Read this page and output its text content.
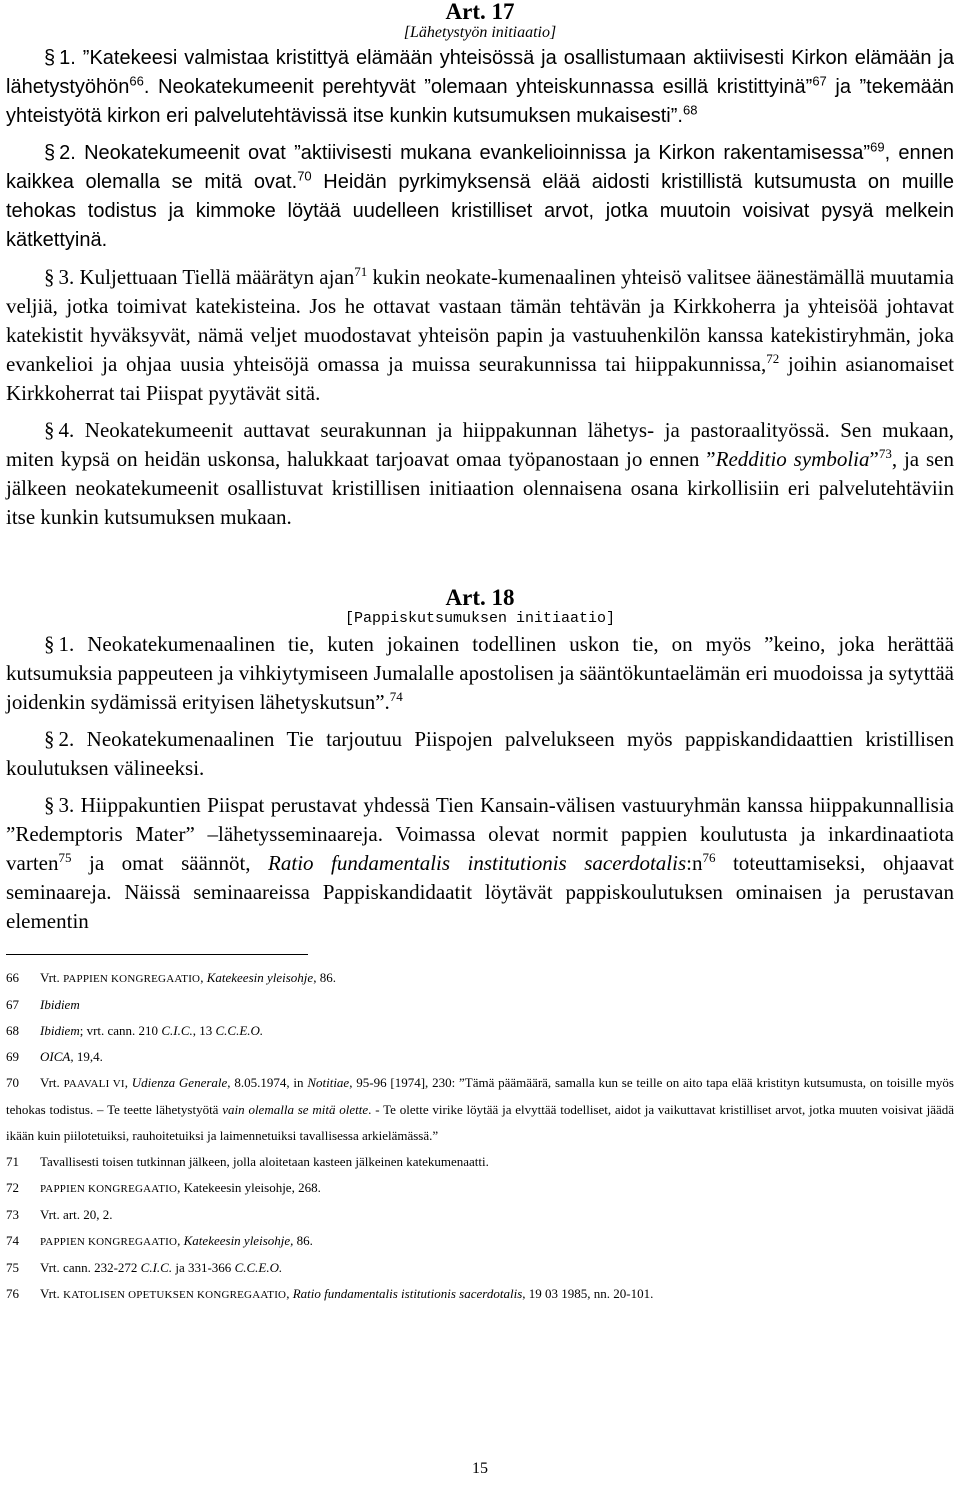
Art. 17
[Lähetystyön initiaatio]

§ 1. ”Katekeesi valmistaa kristittyä elämään yhteisössä ja osallistumaan aktiivisesti Kirkon elämään ja lähetystyöhön$^{66}$. Neokatekumeenit perehtyvät ”olemaan yhteiskunnassa esillä kristittyinä”$^{67}$ ja ”tekemään yhteistyötä kirkon eri palvelutehtävissä itse kunkin kutsumuksen mukaisesti”.$^{68}$

§ 2. Neokatekumeenit ovat ”aktiivisesti mukana evankelioinnissa ja Kirkon rakentamisessa”$^{69}$, ennen kaikkea olemalla se mitä ovat.$^{70}$ Heidän pyrkimyksensä elää aidosti kristillistä kutsumusta on muille tehokas todistus ja kimmoke löytää uudelleen kristilliset arvot, jotka muutoin voisivat pysyä melkein kätkettyinä.

§ 3. Kuljettuaan Tiellä määrätyn ajan$^{71}$ kukin neokate-kumenaalinen yhteisö valitsee äänestämällä muutamia veljiä, jotka toimivat katekisteina. Jos he ottavat vastaan tämän tehtävän ja Kirkkoherra ja yhteisöä johtavat katekistit hyväksyvät, nämä veljet muodostavat yhteisön papin ja vastuuhenkilön kanssa katekistiryhmän, joka evankelioi ja ohjaa uusia yhteisöjä omassa ja muissa seurakunnissa tai hiippakunnissa,$^{72}$ joihin asianomaiset Kirkkoherrat tai Piispat pyytävät sitä.

§ 4. Neokatekumeenit auttavat seurakunnan ja hiippakunnan lähetys- ja pastoraalityössä. Sen mukaan, miten kypsä on heidän uskonsa, halukkaat tarjoavat omaa työpanostaan jo ennen ”Redditio symbolia”$^{73}$, ja sen jälkeen neokatekumeenit osallistuvat kristillisen initiaation olennaisena osana kirkollisiin eri palvelutehtäviin itse kunkin kutsumuksen mukaan.

Art. 18
[Pappiskutsumuksen initiaatio]

§ 1. Neokatekumenaalinen tie, kuten jokainen todellinen uskon tie, on myös ”keino, joka herättää kutsumuksia pappeuteen ja vihkiytymiseen Jumalalle apostolisen ja sääntökuntaelämän eri muodoissa ja sytyttää joidenkin sydämissä erityisen lähetyskutsun”.$^{74}$

§ 2. Neokatekumenaalinen Tie tarjoutuu Piispojen palvelukseen myös pappiskandidaattien kristillisen koulutuksen välineeksi.

§ 3. Hiippakuntien Piispat perustavat yhdessä Tien Kansain-välisen vastuuryhmän kanssa hiippakunnallisia ”Redemptoris Mater” –lähetysseminaareja. Voimassa olevat normit pappien koulutusta ja inkardinaatiota varten$^{75}$ ja omat säännöt, Ratio fundamentalis institutionis $sacerdotalis:n^{76}$ toteuttamiseksi, ohjaavat seminaareja. Näissä seminaareissa Pappiskandidaatit löytävät pappiskoulutuksen ominaisen ja perustavan elementin

66 Vrt. PAPPIEN KONGREGAATIO, Katekeesin yleisohje, 86.

67 Ibidiem

68 Ibidiem; vrt. cann. 210 C.I.C., 13 C.C.E.O.

69 OICA, 19,4.

70 Vrt. PAAVALI VI, Udienza Generale, 8.05.1974, in Notitiae, 95-96 [1974], 230: ”Tämä päämäärä, samalla kun se teille on aito tapa elää kristityn kutsumusta, on toisille myös tehokas todistus. – Te teette lähetystyötä vain olemalla se mitä olette. - Te olette virike löytää ja elvyttää todelliset, aidot ja vaikuttavat kristilliset arvot, jotka muuten voisivat jäädä ikään kuin piilotetuiksi, rauhoitetuiksi ja laimennetuiksi tavallisessa arkielämässä.”

71 Tavallisesti toisen tutkinnan jälkeen, jolla aloitetaan kasteen jälkeinen katekumenaatti.

72 PAPPIEN KONGREGAATIO, Katekeesin yleisohje, 268.

73 Vrt. art. 20, 2.

74 PAPPIEN KONGREGAATIO, Katekeesin yleisohje, 86.

75 Vrt. cann. 232-272 C.I.C. ja 331-366 C.C.E.O.

76 Vrt. KATOLISEN OPETUKSEN KONGREGAATIO, Ratio fundamentalis istitutionis sacerdotalis, 19 03 1985, nn. 20-101.

15
